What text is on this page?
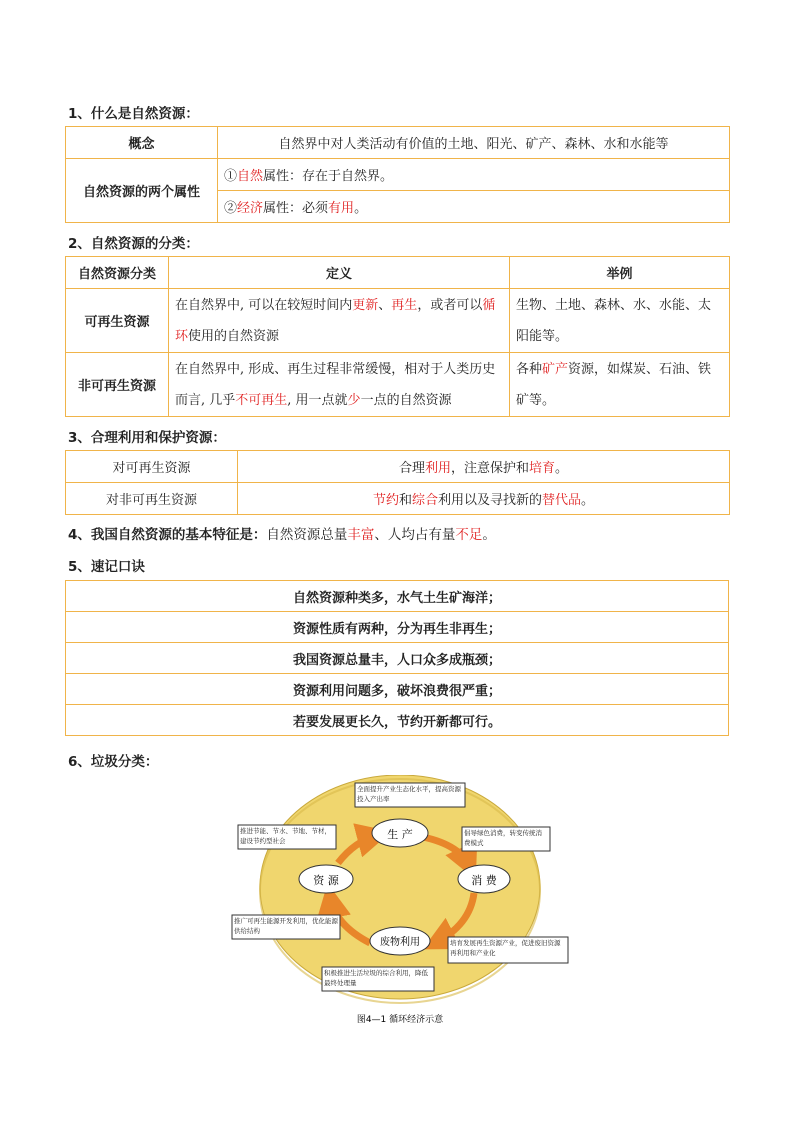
1、什么是自然资源：
概念	自然界中对人类活动有价值的土地、阳光、矿产、森林、水和水能等
自然资源的两个属性	①自然属性：存在于自然界。
	②经济属性：必须有用。
2、自然资源的分类：
自然资源分类	定义	举例
可再生资源	在自然界中, 可以在较短时间内更新、再生，或者可以循环使用的自然资源	生物、土地、森林、水、水能、太阳能等。
非可再生资源	在自然界中, 形成、再生过程非常缓慢，相对于人类历史而言, 几乎不可再生, 用一点就少一点的自然资源	各种矿产资源，如煤炭、石油、铁矿等。
3、合理利用和保护资源：
对可再生资源	合理利用，注意保护和培育。
对非可再生资源	节约和综合利用以及寻找新的替代品。
4、我国自然资源的基本特征是：自然资源总量丰富、人均占有量不足。
5、速记口诀
自然资源种类多，水气土生矿海洋；
资源性质有两种，分为再生非再生；
我国资源总量丰，人口众多成瓶颈；
资源利用问题多，破坏浪费很严重；
若要发展更长久，节约开新都可行。
6、垃圾分类：
生 产
消 费
废物利用
资 源
全面提升产业生态化水平，提高资源投入产出率
倡导绿色消费，转变传统消费模式
培育发展再生资源产业，促进废旧资源再利用和产业化
积极推进生活垃圾的综合利用，降低最终处理量
推广可再生能源开发利用，优化能源供给结构
推进节能、节水、节地、节材，建设节约型社会
图4—1 循环经济示意
